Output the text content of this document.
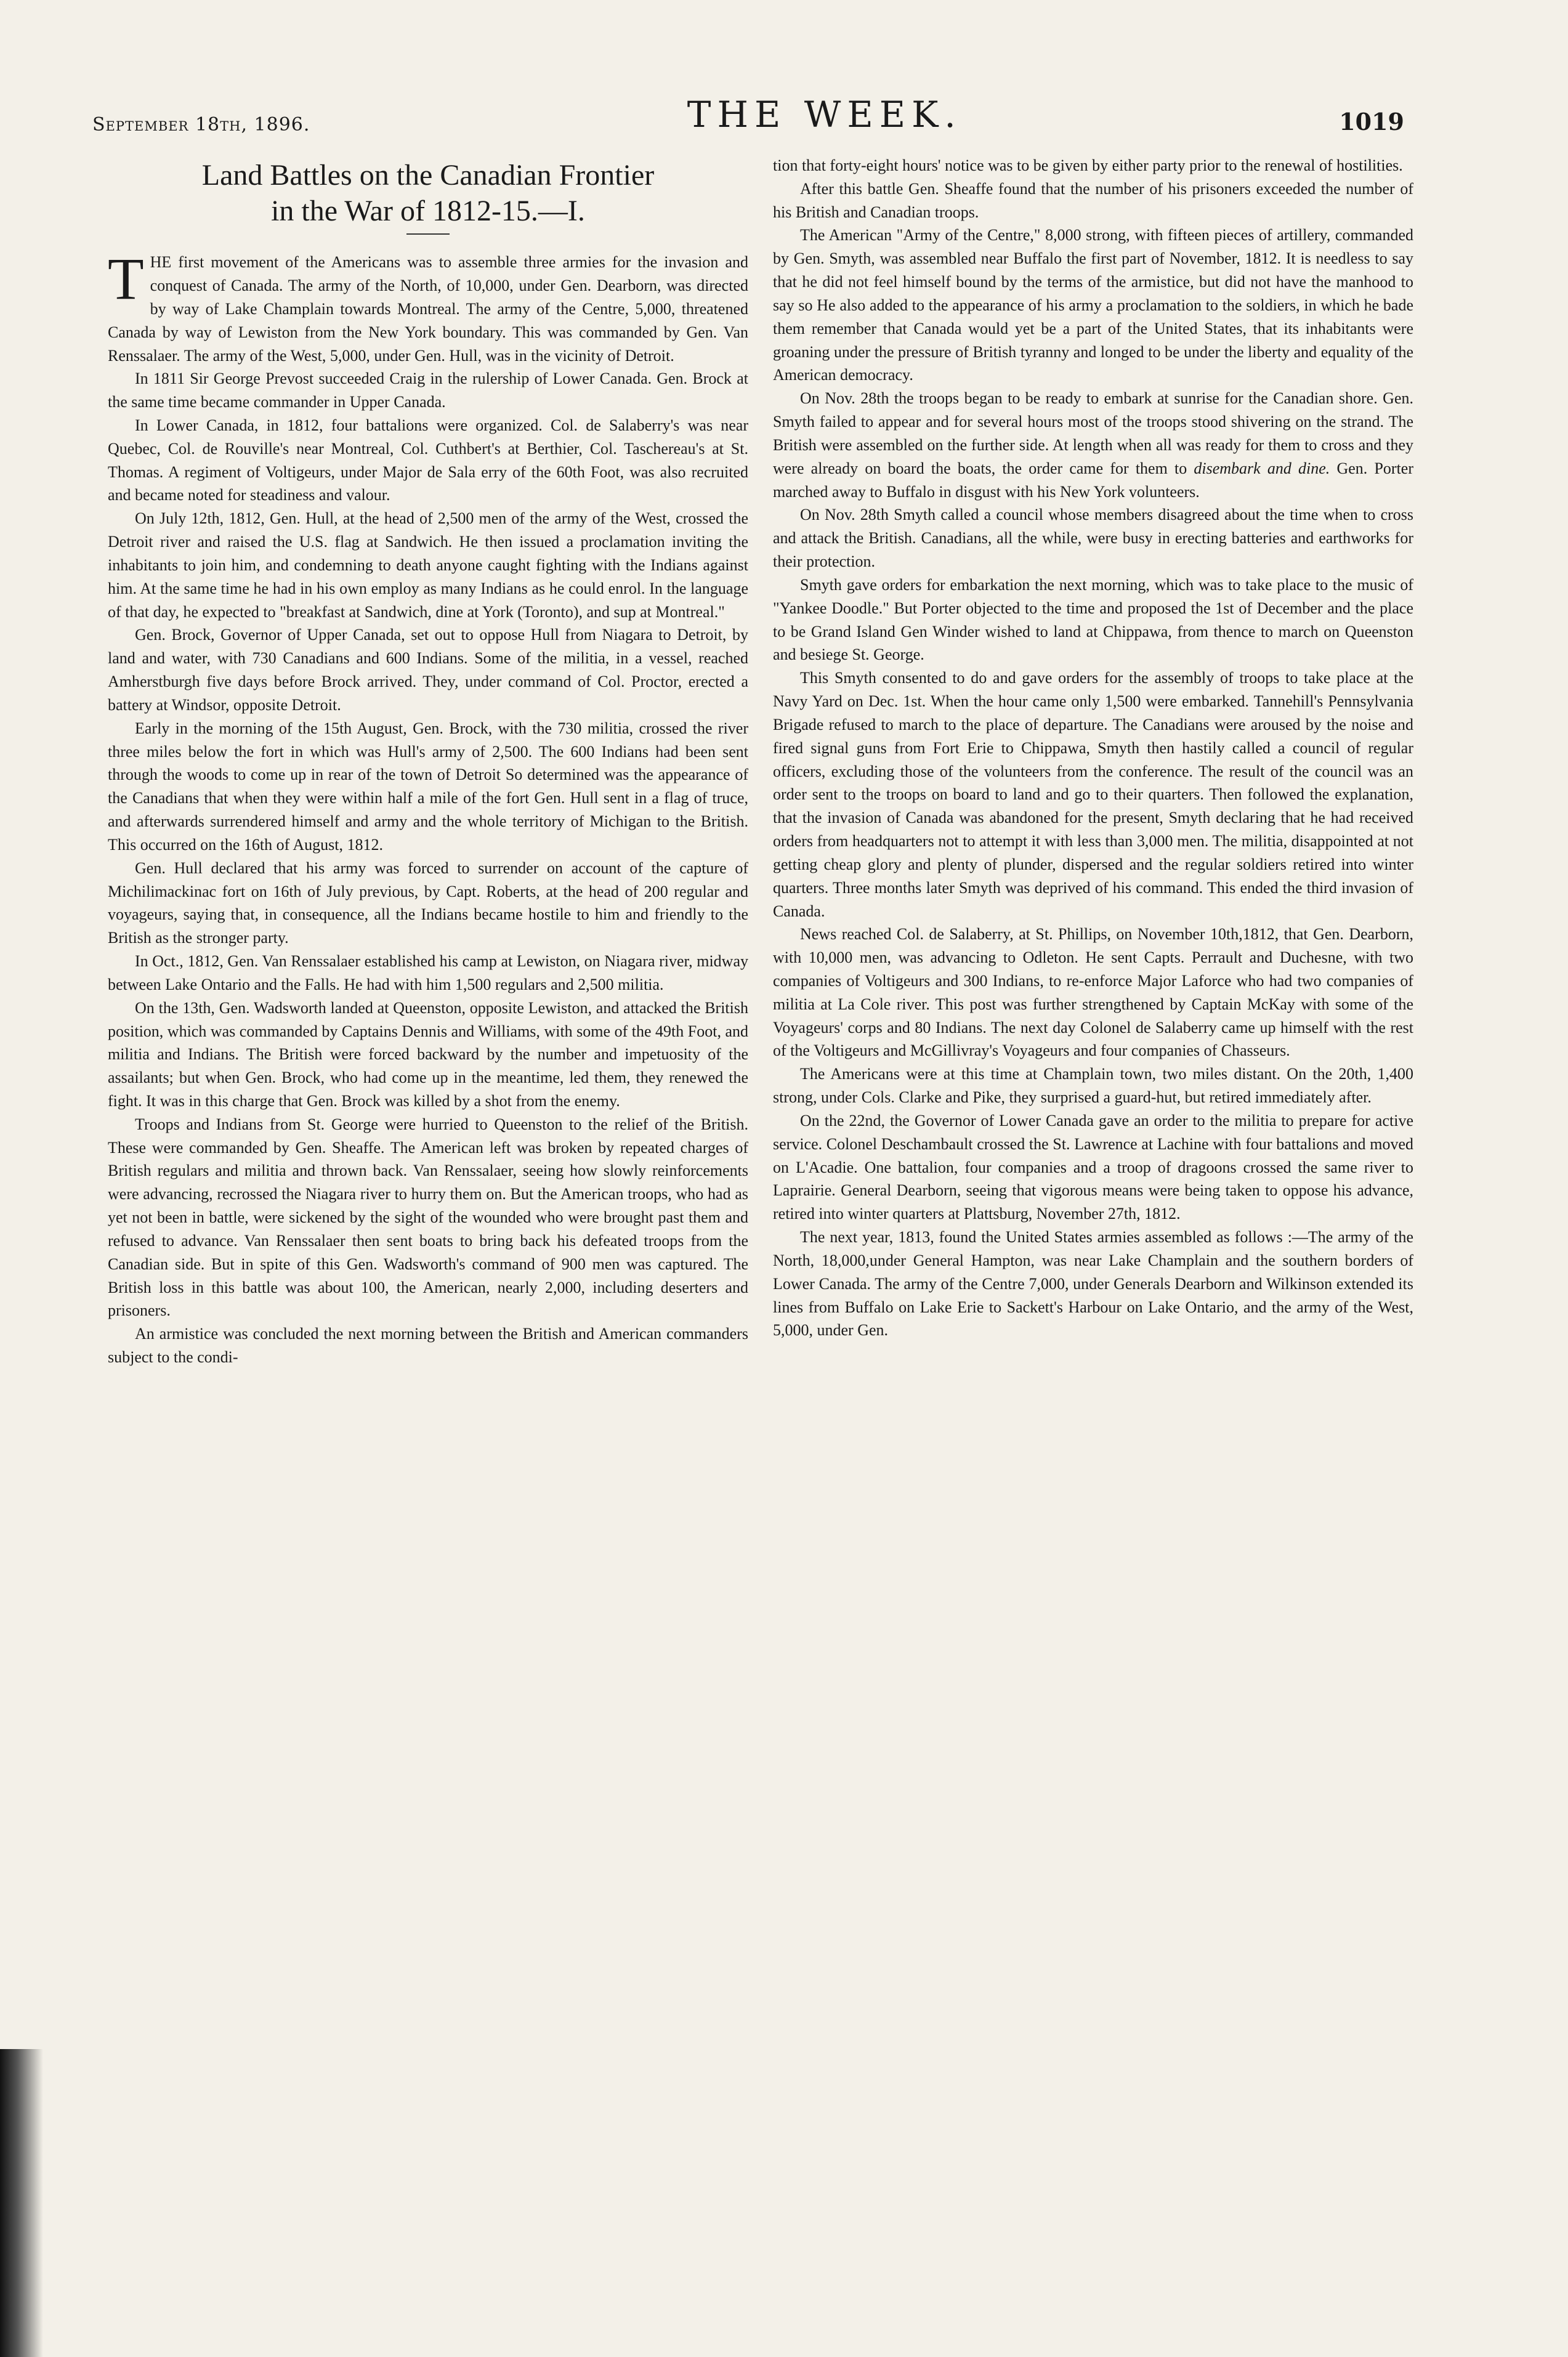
September 18th, 1896.	THE WEEK.	1019
Land Battles on the Canadian Frontier
in the War of 1812-15.—I.

THE first movement of the Americans was to assemble three armies for the invasion and conquest of Canada. The army of the North, of 10,000, under Gen. Dearborn, was directed by way of Lake Champlain towards Montreal. The army of the Centre, 5,000, threatened Canada by way of Lewiston from the New York boundary. This was commanded by Gen. Van Renssalaer. The army of the West, 5,000, under Gen. Hull, was in the vicinity of Detroit.

In 1811 Sir George Prevost succeeded Craig in the rulership of Lower Canada. Gen. Brock at the same time became commander in Upper Canada.

In Lower Canada, in 1812, four battalions were organized. Col. de Salaberry's was near Quebec, Col. de Rouville's near Montreal, Col. Cuthbert's at Berthier, Col. Taschereau's at St. Thomas. A regiment of Voltigeurs, under Major de Sala erry of the 60th Foot, was also recruited and became noted for steadiness and valour.

On July 12th, 1812, Gen. Hull, at the head of 2,500 men of the army of the West, crossed the Detroit river and raised the U.S. flag at Sandwich. He then issued a proclamation inviting the inhabitants to join him, and condemning to death anyone caught fighting with the Indians against him. At the same time he had in his own employ as many Indians as he could enrol. In the language of that day, he expected to "breakfast at Sandwich, dine at York (Toronto), and sup at Montreal."

Gen. Brock, Governor of Upper Canada, set out to oppose Hull from Niagara to Detroit, by land and water, with 730 Canadians and 600 Indians. Some of the militia, in a vessel, reached Amherstburgh five days before Brock arrived. They, under command of Col. Proctor, erected a battery at Windsor, opposite Detroit.

Early in the morning of the 15th August, Gen. Brock, with the 730 militia, crossed the river three miles below the fort in which was Hull's army of 2,500. The 600 Indians had been sent through the woods to come up in rear of the town of Detroit So determined was the appearance of the Canadians that when they were within half a mile of the fort Gen. Hull sent in a flag of truce, and afterwards surrendered himself and army and the whole territory of Michigan to the British. This occurred on the 16th of August, 1812.

Gen. Hull declared that his army was forced to surrender on account of the capture of Michilimackinac fort on 16th of July previous, by Capt. Roberts, at the head of 200 regular and voyageurs, saying that, in consequence, all the Indians became hostile to him and friendly to the British as the stronger party.

In Oct., 1812, Gen. Van Renssalaer established his camp at Lewiston, on Niagara river, midway between Lake Ontario and the Falls. He had with him 1,500 regulars and 2,500 militia.

On the 13th, Gen. Wadsworth landed at Queenston, opposite Lewiston, and attacked the British position, which was commanded by Captains Dennis and Williams, with some of the 49th Foot, and militia and Indians. The British were forced backward by the number and impetuosity of the assailants; but when Gen. Brock, who had come up in the meantime, led them, they renewed the fight. It was in this charge that Gen. Brock was killed by a shot from the enemy.

Troops and Indians from St. George were hurried to Queenston to the relief of the British. These were commanded by Gen. Sheaffe. The American left was broken by repeated charges of British regulars and militia and thrown back. Van Renssalaer, seeing how slowly reinforcements were advancing, recrossed the Niagara river to hurry them on. But the American troops, who had as yet not been in battle, were sickened by the sight of the wounded who were brought past them and refused to advance. Van Renssalaer then sent boats to bring back his defeated troops from the Canadian side. But in spite of this Gen. Wadsworth's command of 900 men was captured. The British loss in this battle was about 100, the American, nearly 2,000, including deserters and prisoners.

An armistice was concluded the next morning between the British and American commanders subject to the condi-

tion that forty-eight hours' notice was to be given by either party prior to the renewal of hostilities.

After this battle Gen. Sheaffe found that the number of his prisoners exceeded the number of his British and Canadian troops.

The American "Army of the Centre," 8,000 strong, with fifteen pieces of artillery, commanded by Gen. Smyth, was assembled near Buffalo the first part of November, 1812. It is needless to say that he did not feel himself bound by the terms of the armistice, but did not have the manhood to say so He also added to the appearance of his army a proclamation to the soldiers, in which he bade them remember that Canada would yet be a part of the United States, that its inhabitants were groaning under the pressure of British tyranny and longed to be under the liberty and equality of the American democracy.

On Nov. 28th the troops began to be ready to embark at sunrise for the Canadian shore. Gen. Smyth failed to appear and for several hours most of the troops stood shivering on the strand. The British were assembled on the further side. At length when all was ready for them to cross and they were already on board the boats, the order came for them to disembark and dine. Gen. Porter marched away to Buffalo in disgust with his New York volunteers.

On Nov. 28th Smyth called a council whose members disagreed about the time when to cross and attack the British. Canadians, all the while, were busy in erecting batteries and earthworks for their protection.

Smyth gave orders for embarkation the next morning, which was to take place to the music of "Yankee Doodle." But Porter objected to the time and proposed the 1st of December and the place to be Grand Island Gen Winder wished to land at Chippawa, from thence to march on Queenston and besiege St. George.

This Smyth consented to do and gave orders for the assembly of troops to take place at the Navy Yard on Dec. 1st. When the hour came only 1,500 were embarked. Tannehill's Pennsylvania Brigade refused to march to the place of departure. The Canadians were aroused by the noise and fired signal guns from Fort Erie to Chippawa, Smyth then hastily called a council of regular officers, excluding those of the volunteers from the conference. The result of the council was an order sent to the troops on board to land and go to their quarters. Then followed the explanation, that the invasion of Canada was abandoned for the present, Smyth declaring that he had received orders from headquarters not to attempt it with less than 3,000 men. The militia, disappointed at not getting cheap glory and plenty of plunder, dispersed and the regular soldiers retired into winter quarters. Three months later Smyth was deprived of his command. This ended the third invasion of Canada.

News reached Col. de Salaberry, at St. Phillips, on November 10th,1812, that Gen. Dearborn, with 10,000 men, was advancing to Odleton. He sent Capts. Perrault and Duchesne, with two companies of Voltigeurs and 300 Indians, to re-enforce Major Laforce who had two companies of militia at La Cole river. This post was further strengthened by Captain McKay with some of the Voyageurs' corps and 80 Indians. The next day Colonel de Salaberry came up himself with the rest of the Voltigeurs and McGillivray's Voyageurs and four companies of Chasseurs.

The Americans were at this time at Champlain town, two miles distant. On the 20th, 1,400 strong, under Cols. Clarke and Pike, they surprised a guard-hut, but retired immediately after.

On the 22nd, the Governor of Lower Canada gave an order to the militia to prepare for active service. Colonel Deschambault crossed the St. Lawrence at Lachine with four battalions and moved on L'Acadie. One battalion, four companies and a troop of dragoons crossed the same river to Laprairie. General Dearborn, seeing that vigorous means were being taken to oppose his advance, retired into winter quarters at Plattsburg, November 27th, 1812.

The next year, 1813, found the United States armies assembled as follows :—The army of the North, 18,000,under General Hampton, was near Lake Champlain and the southern borders of Lower Canada. The army of the Centre 7,000, under Generals Dearborn and Wilkinson extended its lines from Buffalo on Lake Erie to Sackett's Harbour on Lake Ontario, and the army of the West, 5,000, under Gen.
